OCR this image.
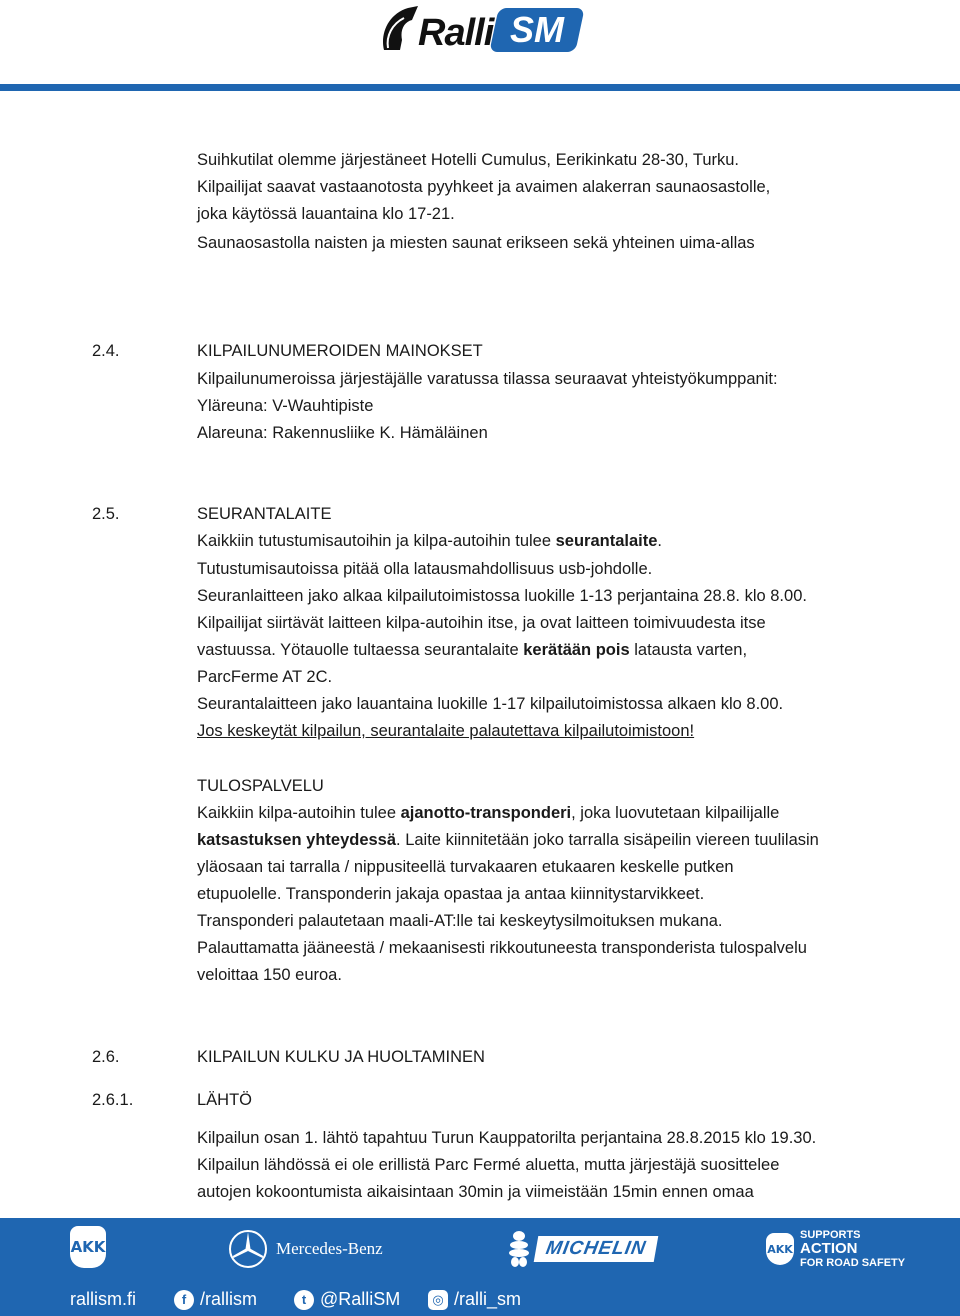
Ralli SM
Suihkutilat olemme järjestäneet Hotelli Cumulus, Eerikinkatu 28-30, Turku.
Kilpailijat saavat vastaanotosta pyyhkeet ja avaimen alakerran saunaosastolle,
joka käytössä lauantaina klo 17-21.
Saunaosastolla naisten ja miesten saunat erikseen sekä yhteinen uima-allas
2.4.	KILPAILUNUMEROIDEN MAINOKSET
Kilpailunumeroissa järjestäjälle varatussa tilassa seuraavat yhteistyökumppanit:
Yläreuna: V-Wauhtipiste
Alareuna: Rakennusliike K. Hämäläinen
2.5.	SEURANTALAITE
Kaikkiin tutustumisautoihin ja kilpa-autoihin tulee seurantalaite.
Tutustumisautoissa pitää olla latausmahdollisuus usb-johdolle.
Seuranlaitteen jako alkaa kilpailutoimistossa luokille 1-13 perjantaina 28.8. klo 8.00.
Kilpailijat siirtävät laitteen kilpa-autoihin itse, ja ovat laitteen toimivuudesta itse
vastuussa. Yötauolle tultaessa seurantalaite kerätään pois latausta varten,
ParcFerme AT 2C.
Seurantalaitteen jako lauantaina luokille 1-17 kilpailutoimistossa alkaen klo 8.00.
Jos keskeytät kilpailun, seurantalaite palautettava kilpailutoimistoon!
TULOSPALVELU
Kaikkiin kilpa-autoihin tulee ajanotto-transponderi, joka luovutetaan kilpailijalle
katsastuksen yhteydessä. Laite kiinnitetään joko tarralla sisäpeilin viereen tuulilasin
yläosaan tai tarralla / nippusiteellä turvakaaren etukaaren keskelle putken
etupuolelle. Transponderin jakaja opastaa ja antaa kiinnitystarvikkeet.
Transponderi palautetaan maali-AT:lle tai keskeytysilmoituksen mukana.
Palauttamatta jääneestä / mekaanisesti rikkoutuneesta transponderista tulospalvelu
veloittaa 150 euroa.
2.6.	KILPAILUN KULKU JA HUOLTAMINEN
2.6.1.	LÄHTÖ
Kilpailun osan 1. lähtö tapahtuu Turun Kauppatorilta perjantaina 28.8.2015 klo 19.30.
Kilpailun lähdössä ei ole erillistä Parc Fermé aluetta, mutta järjestäjä suosittelee
autojen kokoontumista aikaisintaan 30min ja viimeistään 15min ennen omaa
AKK	Mercedes-Benz	MICHELIN	AKK
SUPPORTS
ACTION
FOR ROAD SAFETY
rallism.fi	f /rallism	t @RalliSM	◎ /ralli_sm
